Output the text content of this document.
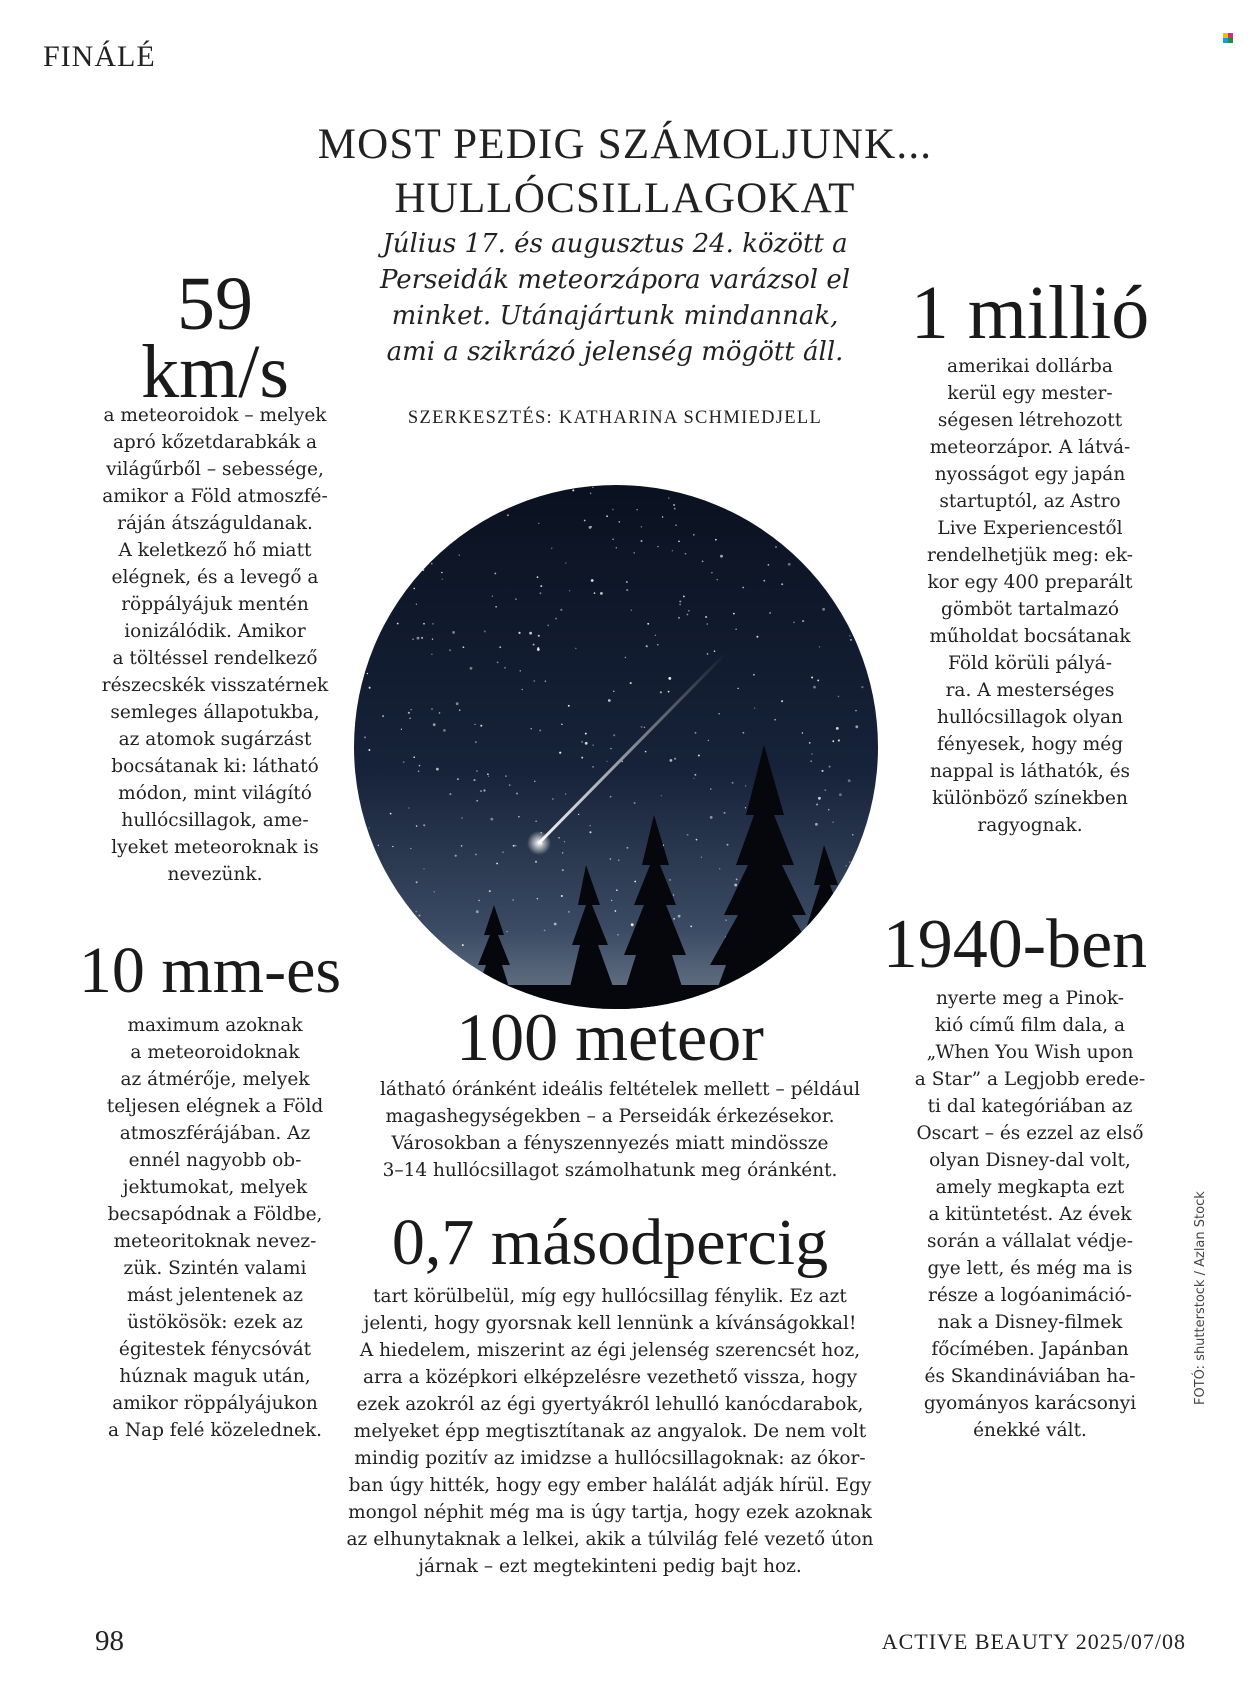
FINÁLÉ
MOST PEDIG SZÁMOLJUNK...
HULLÓCSILLAGOKAT
Július 17. és augusztus 24. között a
Perseidák meteorzápora varázsol el
minket. Utánajártunk mindannak,
ami a szikrázó jelenség mögött áll.
SZERKESZTÉS: KATHARINA SCHMIEDJELL
59
km/s
a meteoroidok – melyek
apró kőzetdarabkák a
világűrből – sebessége,
amikor a Föld atmoszfé-
ráján átszáguldanak.
A keletkező hő miatt
elégnek, és a levegő a
röppályájuk mentén
ionizálódik. Amikor
a töltéssel rendelkező
részecskék visszatérnek
semleges állapotukba,
az atomok sugárzást
bocsátanak ki: látható
módon, mint világító
hullócsillagok, ame-
lyeket meteoroknak is
nevezünk.
1 millió
amerikai dollárba
kerül egy mester-
ségesen létrehozott
meteorzápor. A látvá-
nyosságot egy japán
startuptól, az Astro
Live Experiencestől
rendelhetjük meg: ek-
kor egy 400 preparált
gömböt tartalmazó
műholdat bocsátanak
Föld körüli pályá-
ra. A mesterséges
hullócsillagok olyan
fényesek, hogy még
nappal is láthatók, és
különböző színekben
ragyognak.
10 mm-es
maximum azoknak
a meteoroidoknak
az átmérője, melyek
teljesen elégnek a Föld
atmoszférájában. Az
ennél nagyobb ob-
jektumokat, melyek
becsapódnak a Földbe,
meteoritoknak nevez-
zük. Szintén valami
mást jelentenek az
üstökösök: ezek az
égitestek fénycsóvát
húznak maguk után,
amikor röppályájukon
a Nap felé közelednek.
100 meteor
látható óránként ideális feltételek mellett – például
magashegységekben – a Perseidák érkezésekor.
Városokban a fényszennyezés miatt mindössze
3–14 hullócsillagot számolhatunk meg óránként.
1940-ben
nyerte meg a Pinok-
kió című film dala, a
„When You Wish upon
a Star” a Legjobb erede-
ti dal kategóriában az
Oscart – és ezzel az első
olyan Disney-dal volt,
amely megkapta ezt
a kitüntetést. Az évek
során a vállalat védje-
gye lett, és még ma is
része a logóanimáció-
nak a Disney-filmek
főcímében. Japánban
és Skandináviában ha-
gyományos karácsonyi
énekké vált.
0,7 másodpercig
tart körülbelül, míg egy hullócsillag fénylik. Ez azt
jelenti, hogy gyorsnak kell lennünk a kívánságokkal!
A hiedelem, miszerint az égi jelenség szerencsét hoz,
arra a középkori elképzelésre vezethető vissza, hogy
ezek azokról az égi gyertyákról lehulló kanócdarabok,
melyeket épp megtisztítanak az angyalok. De nem volt
mindig pozitív az imidzse a hullócsillagoknak: az ókor-
ban úgy hitték, hogy egy ember halálát adják hírül. Egy
mongol néphit még ma is úgy tartja, hogy ezek azoknak
az elhunytaknak a lelkei, akik a túlvilág felé vezető úton
járnak – ezt megtekinteni pedig bajt hoz.
FOTÓ: shutterstock / Azlan Stock
98	ACTIVE BEAUTY 2025/07/08
